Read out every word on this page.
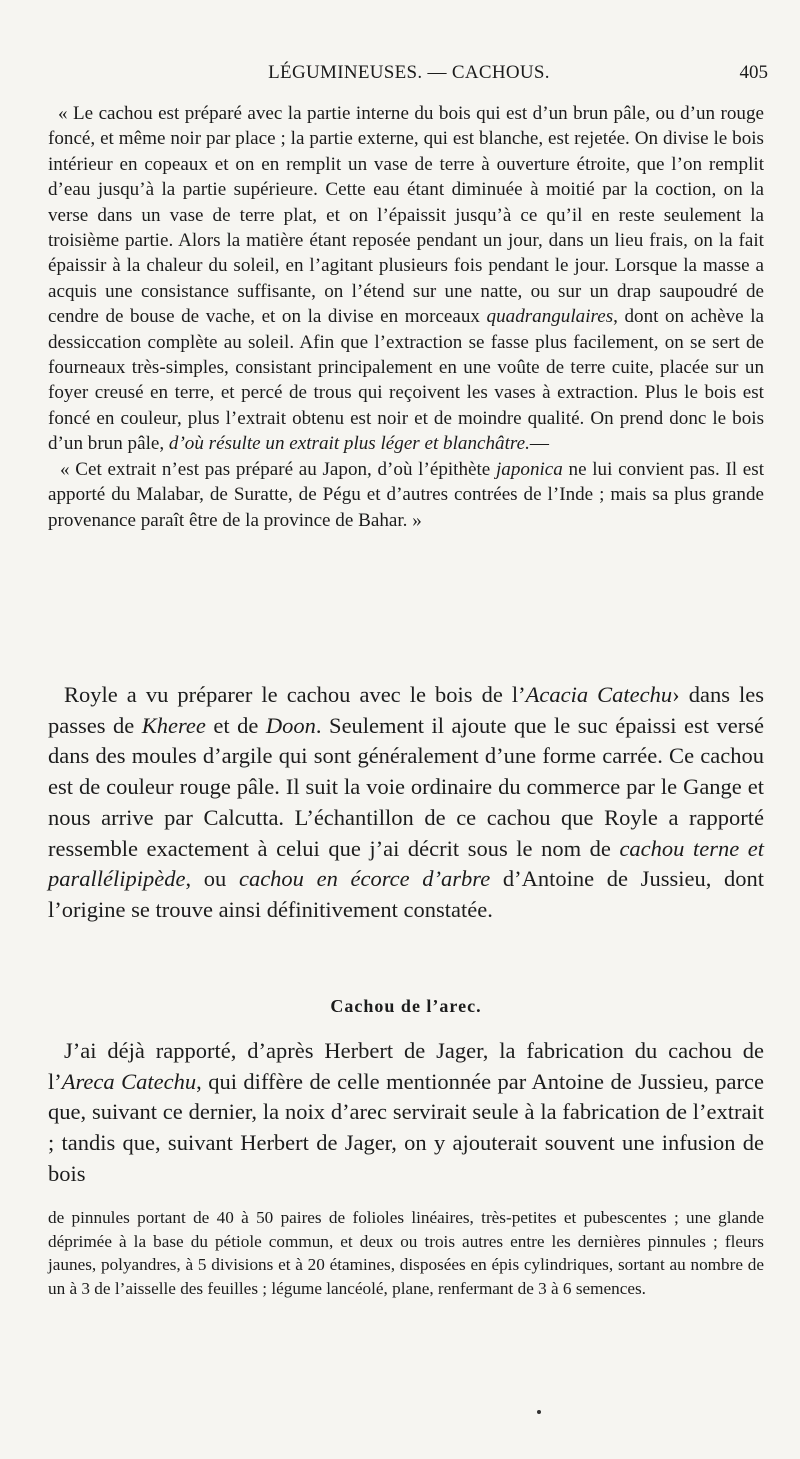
LÉGUMINEUSES. — CACHOUS.	405

« Le cachou est préparé avec la partie interne du bois qui est d’un brun pâle, ou d’un rouge foncé, et même noir par place ; la partie externe, qui est blanche, est rejetée. On divise le bois intérieur en copeaux et on en remplit un vase de terre à ouverture étroite, que l’on remplit d’eau jusqu’à la partie supérieure. Cette eau étant diminuée à moitié par la coction, on la verse dans un vase de terre plat, et on l’épaissit jusqu’à ce qu’il en reste seulement la troisième partie. Alors la matière étant reposée pendant un jour, dans un lieu frais, on la fait épaissir à la chaleur du soleil, en l’agitant plusieurs fois pendant le jour. Lorsque la masse a acquis une consistance suffisante, on l’étend sur une natte, ou sur un drap saupoudré de cendre de bouse de vache, et on la divise en morceaux quadrangulaires, dont on achève la dessiccation complète au soleil. Afin que l’extraction se fasse plus facilement, on se sert de fourneaux très-simples, consistant principalement en une voûte de terre cuite, placée sur un foyer creusé en terre, et percé de trous qui reçoivent les vases à extraction. Plus le bois est foncé en couleur, plus l’extrait obtenu est noir et de moindre qualité. On prend donc le bois d’un brun pâle, d’où résulte un extrait plus léger et blanchâtre.—

« Cet extrait n’est pas préparé au Japon, d’où l’épithète japonica ne lui convient pas. Il est apporté du Malabar, de Suratte, de Pégu et d’autres contrées de l’Inde ; mais sa plus grande provenance paraît être de la province de Bahar. »

Royle a vu préparer le cachou avec le bois de l’Acacia Catechu› dans les passes de Kheree et de Doon. Seulement il ajoute que le suc épaissi est versé dans des moules d’argile qui sont généralement d’une forme carrée. Ce cachou est de couleur rouge pâle. Il suit la voie ordinaire du commerce par le Gange et nous arrive par Calcutta. L’échantillon de ce cachou que Royle a rapporté ressemble exactement à celui que j’ai décrit sous le nom de cachou terne et parallélipipède, ou cachou en écorce d’arbre d’Antoine de Jussieu, dont l’origine se trouve ainsi définitivement constatée.

Cachou de l’arec.

J’ai déjà rapporté, d’après Herbert de Jager, la fabrication du cachou de l’Areca Catechu, qui diffère de celle mentionnée par Antoine de Jussieu, parce que, suivant ce dernier, la noix d’arec servirait seule à la fabrication de l’extrait ; tandis que, suivant Herbert de Jager, on y ajouterait souvent une infusion de bois

de pinnules portant de 40 à 50 paires de folioles linéaires, très-petites et pubescentes ; une glande déprimée à la base du pétiole commun, et deux ou trois autres entre les dernières pinnules ; fleurs jaunes, polyandres, à 5 divisions et à 20 étamines, disposées en épis cylindriques, sortant au nombre de un à 3 de l’aisselle des feuilles ; légume lancéolé, plane, renfermant de 3 à 6 semences.
